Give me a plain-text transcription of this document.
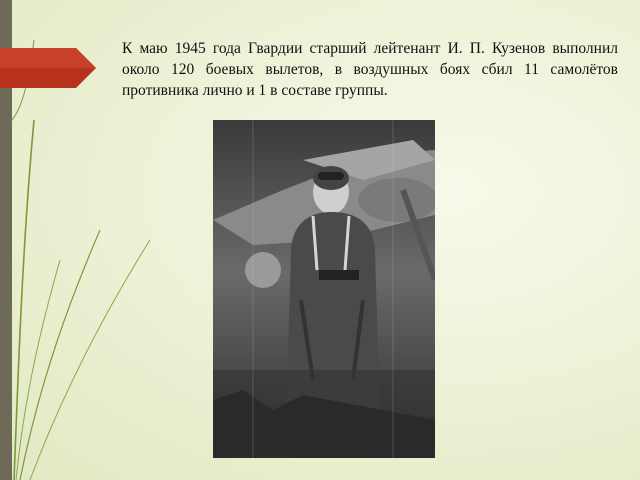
К маю 1945 года Гвардии старший лейтенант И. П. Кузенов выполнил около 120 боевых вылетов, в воздушных боях сбил 11 самолётов противника лично и 1 в составе группы.
